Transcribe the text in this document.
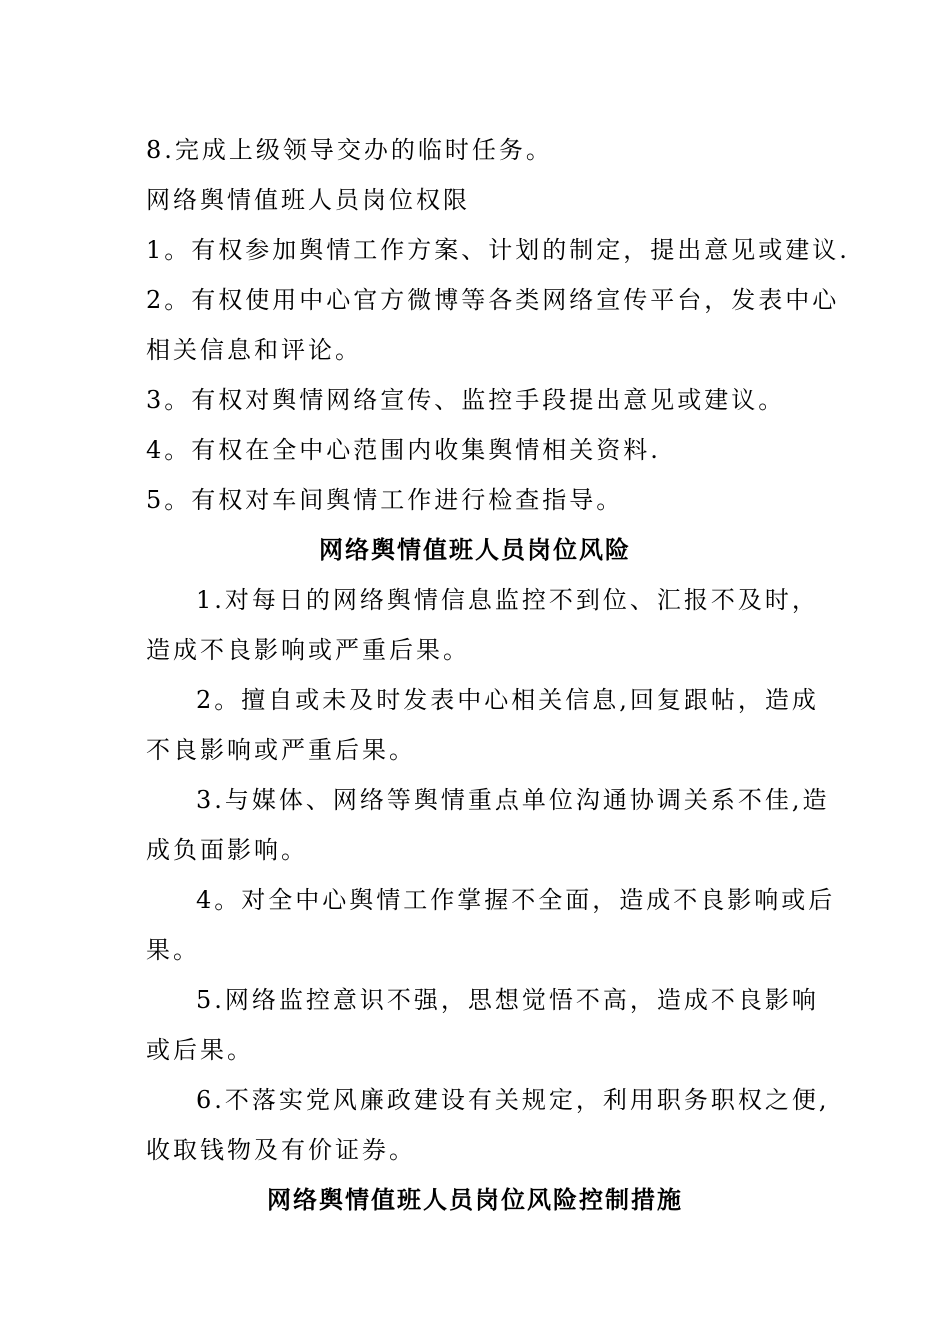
8.完成上级领导交办的临时任务。
网络舆情值班人员岗位权限
1。有权参加舆情工作方案、计划的制定，提出意见或建议.
2。有权使用中心官方微博等各类网络宣传平台，发表中心
相关信息和评论。
3。有权对舆情网络宣传、监控手段提出意见或建议。
4。有权在全中心范围内收集舆情相关资料.
5。有权对车间舆情工作进行检查指导。
网络舆情值班人员岗位风险
1.对每日的网络舆情信息监控不到位、汇报不及时，
造成不良影响或严重后果。
2。擅自或未及时发表中心相关信息,回复跟帖，造成
不良影响或严重后果。
3.与媒体、网络等舆情重点单位沟通协调关系不佳,造
成负面影响。
4。对全中心舆情工作掌握不全面，造成不良影响或后
果。
5.网络监控意识不强，思想觉悟不高，造成不良影响
或后果。
6.不落实党风廉政建设有关规定，利用职务职权之便,
收取钱物及有价证券。
网络舆情值班人员岗位风险控制措施
